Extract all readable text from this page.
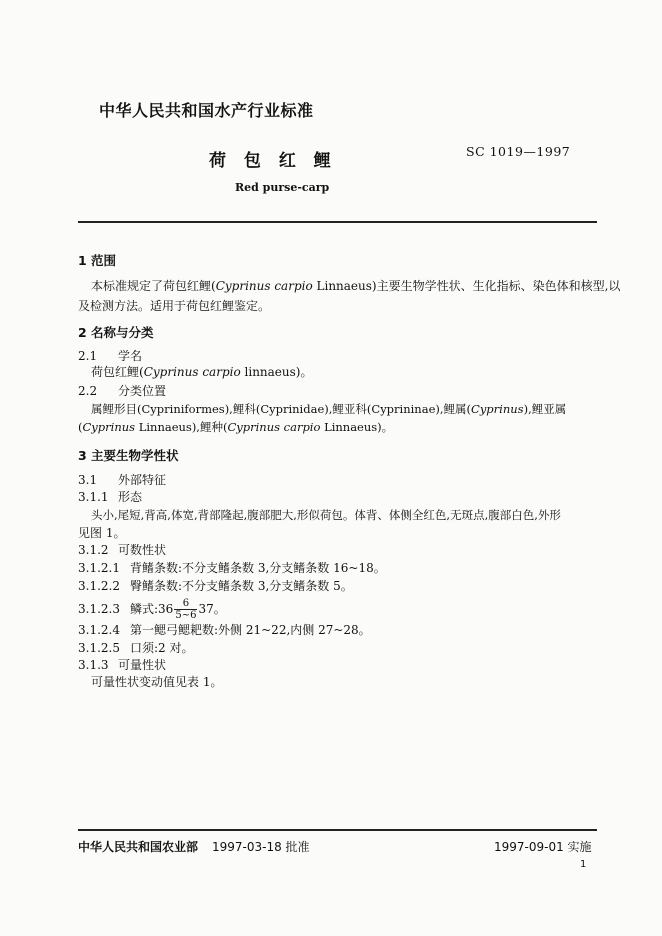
中华人民共和国水产行业标准
荷 包 红 鲤	SC 1019—1997
Red purse-carp
1 范围
本标准规定了荷包红鲤(Cyprinus carpio Linnaeus)主要生物学性状、生化指标、染色体和核型,以
及检测方法。适用于荷包红鲤鉴定。
2 名称与分类
2.1 学名
荷包红鲤(Cyprinus carpio linnaeus)。
2.2 分类位置
属鲤形目(Cypriniformes),鲤科(Cyprinidae),鲤亚科(Cyprininae),鲤属(Cyprinus),鲤亚属
(Cyprinus Linnaeus),鲤种(Cyprinus carpio Linnaeus)。
3 主要生物学性状
3.1 外部特征
3.1.1 形态
头小,尾短,背高,体宽,背部隆起,腹部肥大,形似荷包。体背、体侧全红色,无斑点,腹部白色,外形
见图 1。
3.1.2 可数性状
3.1.2.1 背鳍条数:不分支鳍条数 3,分支鳍条数 16~18。
3.1.2.2 臀鳍条数:不分支鳍条数 3,分支鳍条数 5。
3.1.2.3 鳞式:36 $\frac{6}{5\sim 6} 37$。
3.1.2.4 第一鳃弓鳃耙数:外侧 21~22,内侧 27~28。
3.1.2.5 口须:2 对。
3.1.3 可量性状
可量性状变动值见表 1。
中华人民共和国农业部 1997-03-18 批准	1997-09-01 实施
1
